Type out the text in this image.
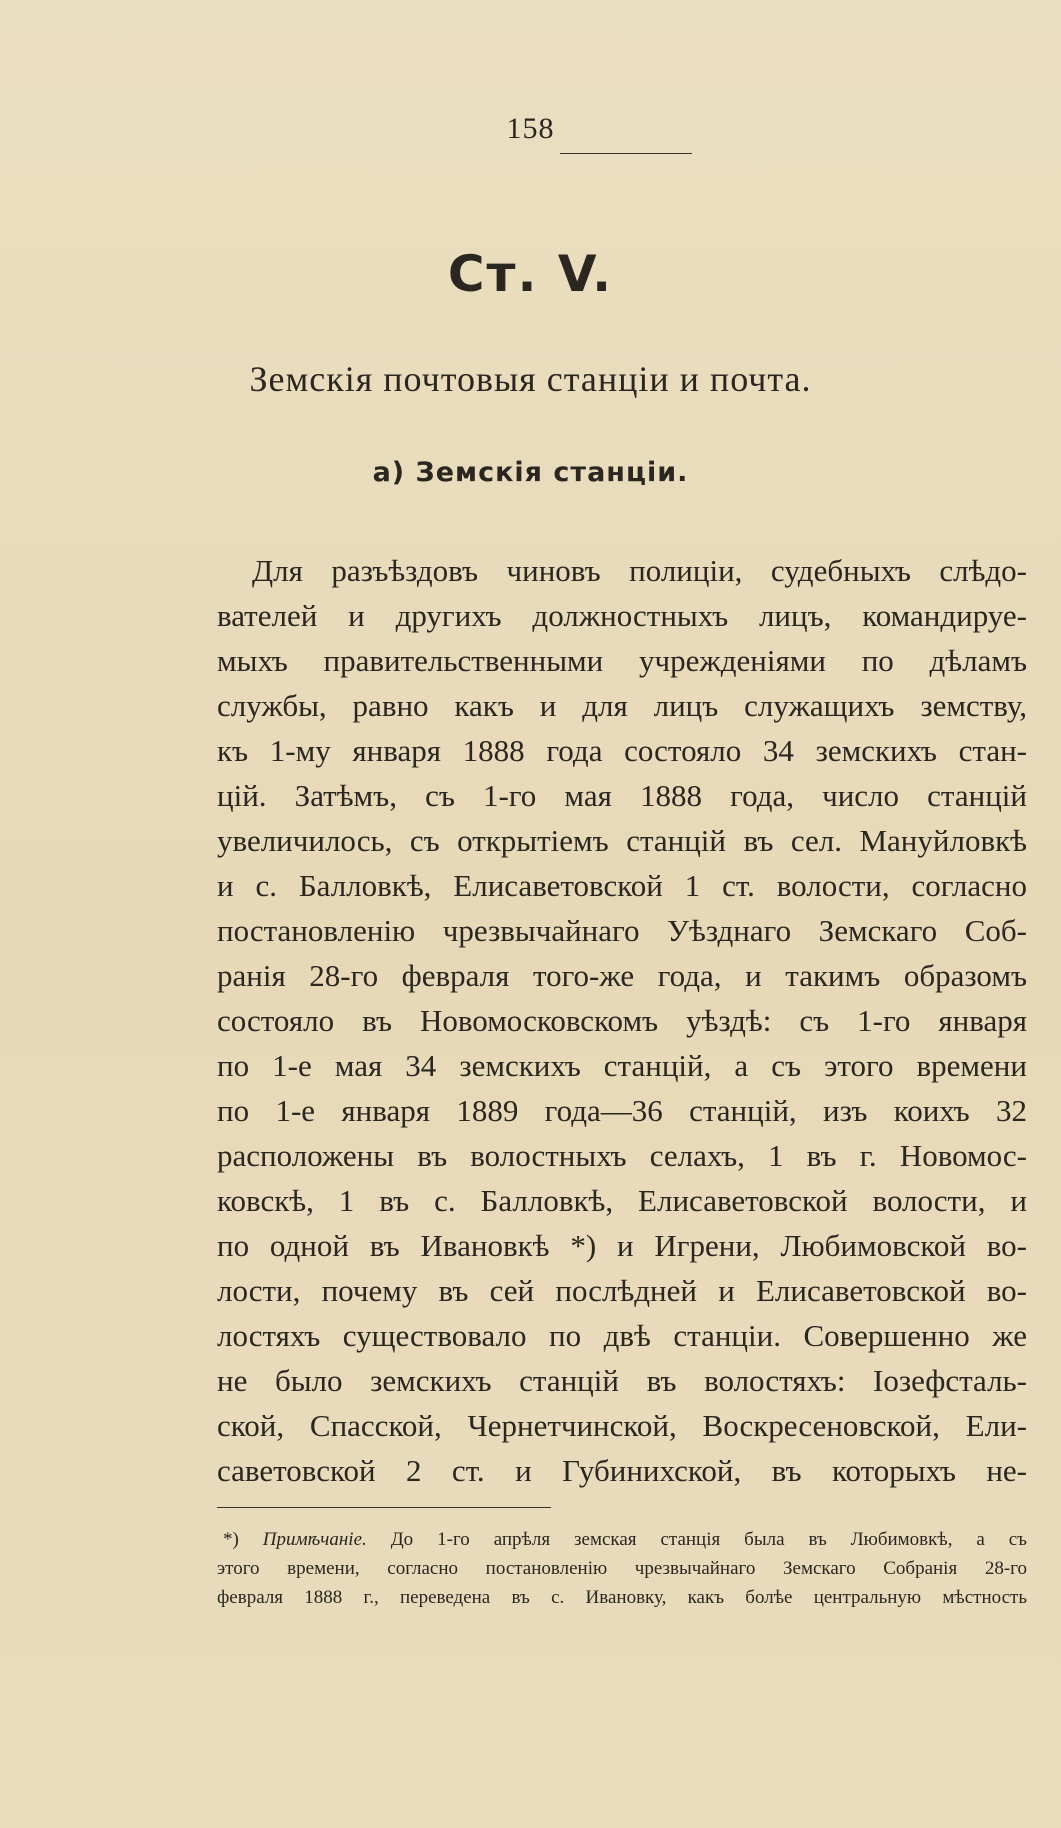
158
Ст. V.
Земскія почтовыя станціи и почта.
а) Земскія станціи.
Для разъѣздовъ чиновъ полиціи, судебныхъ слѣдо-
вателей и другихъ должностныхъ лицъ, командируе-
мыхъ правительственными учрежденіями по дѣламъ
службы, равно какъ и для лицъ служащихъ земству,
къ 1-му января 1888 года состояло 34 земскихъ стан-
цій. Затѣмъ, съ 1-го мая 1888 года, число станцій
увеличилось, съ открытіемъ станцій въ сел. Мануйловкѣ
и с. Балловкѣ, Елисаветовской 1 ст. волости, согласно
постановленію чрезвычайнаго Уѣзднаго Земскаго Соб-
ранія 28-го февраля того-же года, и такимъ образомъ
состояло въ Новомосковскомъ уѣздѣ: съ 1-го января
по 1-е мая 34 земскихъ станцій, а съ этого времени
по 1-е января 1889 года—36 станцій, изъ коихъ 32
расположены въ волостныхъ селахъ, 1 въ г. Новомос-
ковскѣ, 1 въ с. Балловкѣ, Елисаветовской волости, и
по одной въ Ивановкѣ *) и Игрени, Любимовской во-
лости, почему въ сей послѣдней и Елисаветовской во-
лостяхъ существовало по двѣ станціи. Совершенно же
не было земскихъ станцій въ волостяхъ: Іозефсталь-
ской, Спасской, Чернетчинской, Воскресеновской, Ели-
саветовской 2 ст. и Губинихской, въ которыхъ не-
*) Примѣчаніе. До 1-го апрѣля земская станція была въ Любимовкѣ, а съ
этого времени, согласно постановленію чрезвычайнаго Земскаго Собранія 28-го
февраля 1888 г., переведена въ с. Ивановку, какъ болѣе центральную мѣстность
